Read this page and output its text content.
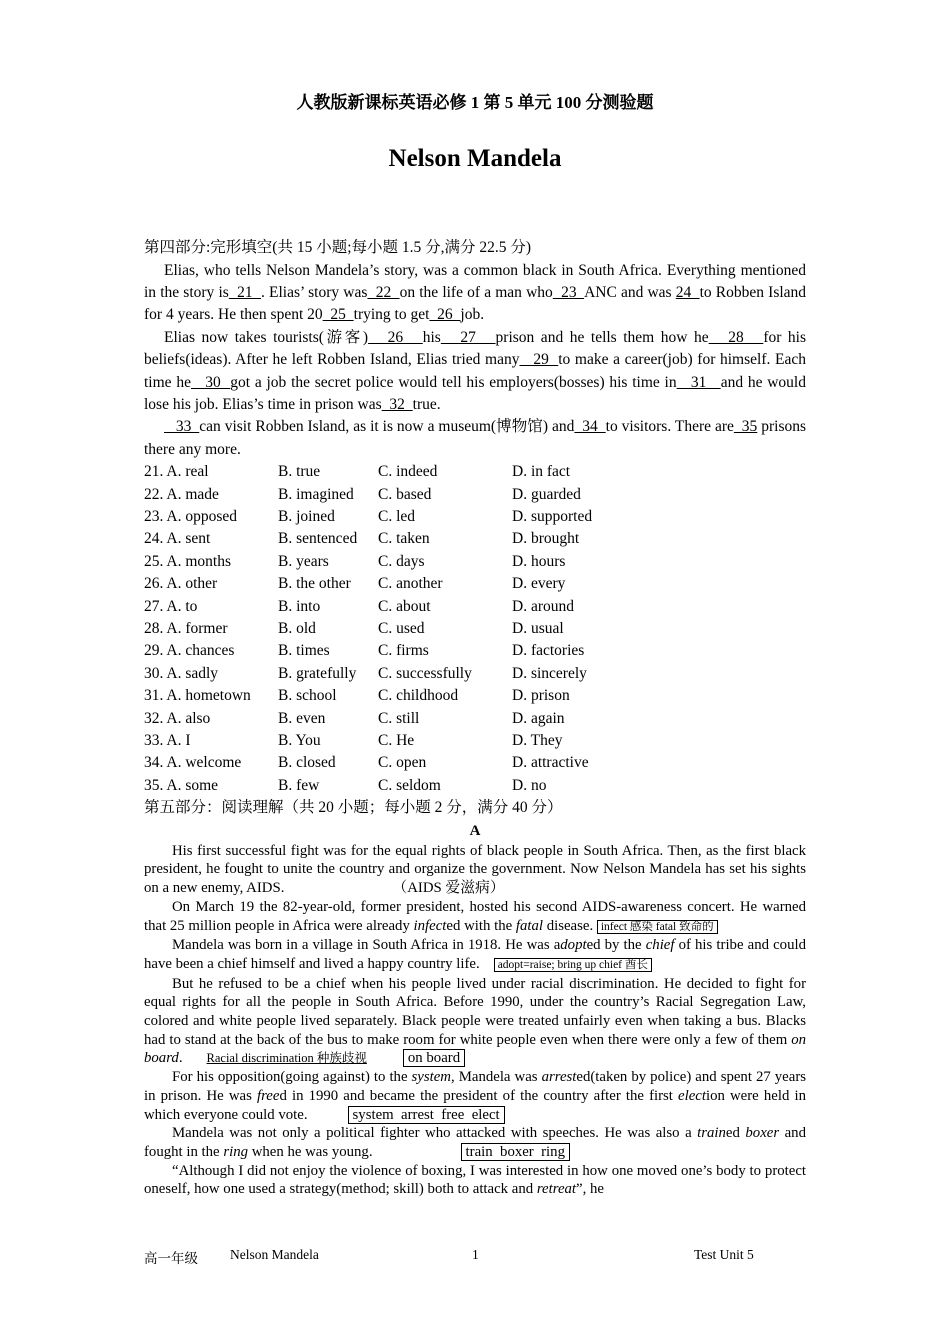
人教版新课标英语必修 1 第 5 单元 100 分测验题
Nelson Mandela
第四部分:完形填空(共 15 小题;每小题 1.5 分,满分 22.5 分)

Elias, who tells Nelson Mandela’s story, was a common black in South Africa. Everything mentioned in the story is  21  . Elias’ story was  22  on the life of a man who  23  ANC and was 24  to Robben Island for 4 years. He then spent 20  25  trying to get  26  job.

Elias now takes tourists(游客)   26   his   27   prison and he tells them how he   28   for his beliefs(ideas). After he left Robben Island, Elias tried many   29  to make a career(job) for himself. Each time he   30  got a job the secret police would tell his employers(bosses) his time in   31   and he would lose his job. Elias’s time in prison was  32  true.

33  can visit Robben Island, as it is now a museum(博物馆) and  34  to visitors. There are  35 prisons there any more.

21. A. real	B. true	C. indeed	D. in fact
22. A. made	B. imagined	C. based	D. guarded
23. A. opposed	B. joined	C. led	D. supported
24. A. sent	B. sentenced	C. taken	D. brought
25. A. months	B. years	C. days	D. hours
26. A. other	B. the other	C. another	D. every
27. A. to	B. into	C. about	D. around
28. A. former	B. old	C. used	D. usual
29. A. chances	B. times	C. firms	D. factories
30. A. sadly	B. gratefully	C. successfully	D. sincerely
31. A. hometown	B. school	C. childhood	D. prison
32. A. also	B. even	C. still	D. again
33. A. I	B. You	C. He	D. They
34. A. welcome	B. closed	C. open	D. attractive
35. A. some	B. few	C. seldom	D. no
第五部分：阅读理解（共 20 小题；每小题 2 分，满分 40 分）
A

His first successful fight was for the equal rights of black people in South Africa. Then, as the first black president, he fought to unite the country and organize the government. Now Nelson Mandela has set his sights on a new enemy, AIDS.	（AIDS 爱滋病）

On March 19 the 82-year-old, former president, hosted his second AIDS-awareness concert. He warned that 25 million people in Africa were already infected with the fatal disease. infect 感染 fatal 致命的

Mandela was born in a village in South Africa in 1918. He was adopted by the chief of his tribe and could have been a chief himself and lived a happy country life. adopt=raise; bring up chief 酋长

But he refused to be a chief when his people lived under racial discrimination. He decided to fight for equal rights for all the people in South Africa. Before 1990, under the country’s Racial Segregation Law, colored and white people lived separately. Black people were treated unfairly even when taking a bus. Blacks had to stand at the back of the bus to make room for white people even when there were only a few of them on board. Racial discrimination 种族歧视	on board

For his opposition(going against) to the system, Mandela was arrested(taken by police) and spent 27 years in prison. He was freed in 1990 and became the president of the country after the first election were held in which everyone could vote.	system  arrest  free  elect

Mandela was not only a political fighter who attacked with speeches. He was also a trained boxer and fought in the ring when he was young.	train  boxer  ring

“Although I did not enjoy the violence of boxing, I was interested in how one moved one’s body to protect oneself, how one used a strategy(method; skill) both to attack and retreat”, he

高一年级 Nelson Mandela	1	Test Unit 5
